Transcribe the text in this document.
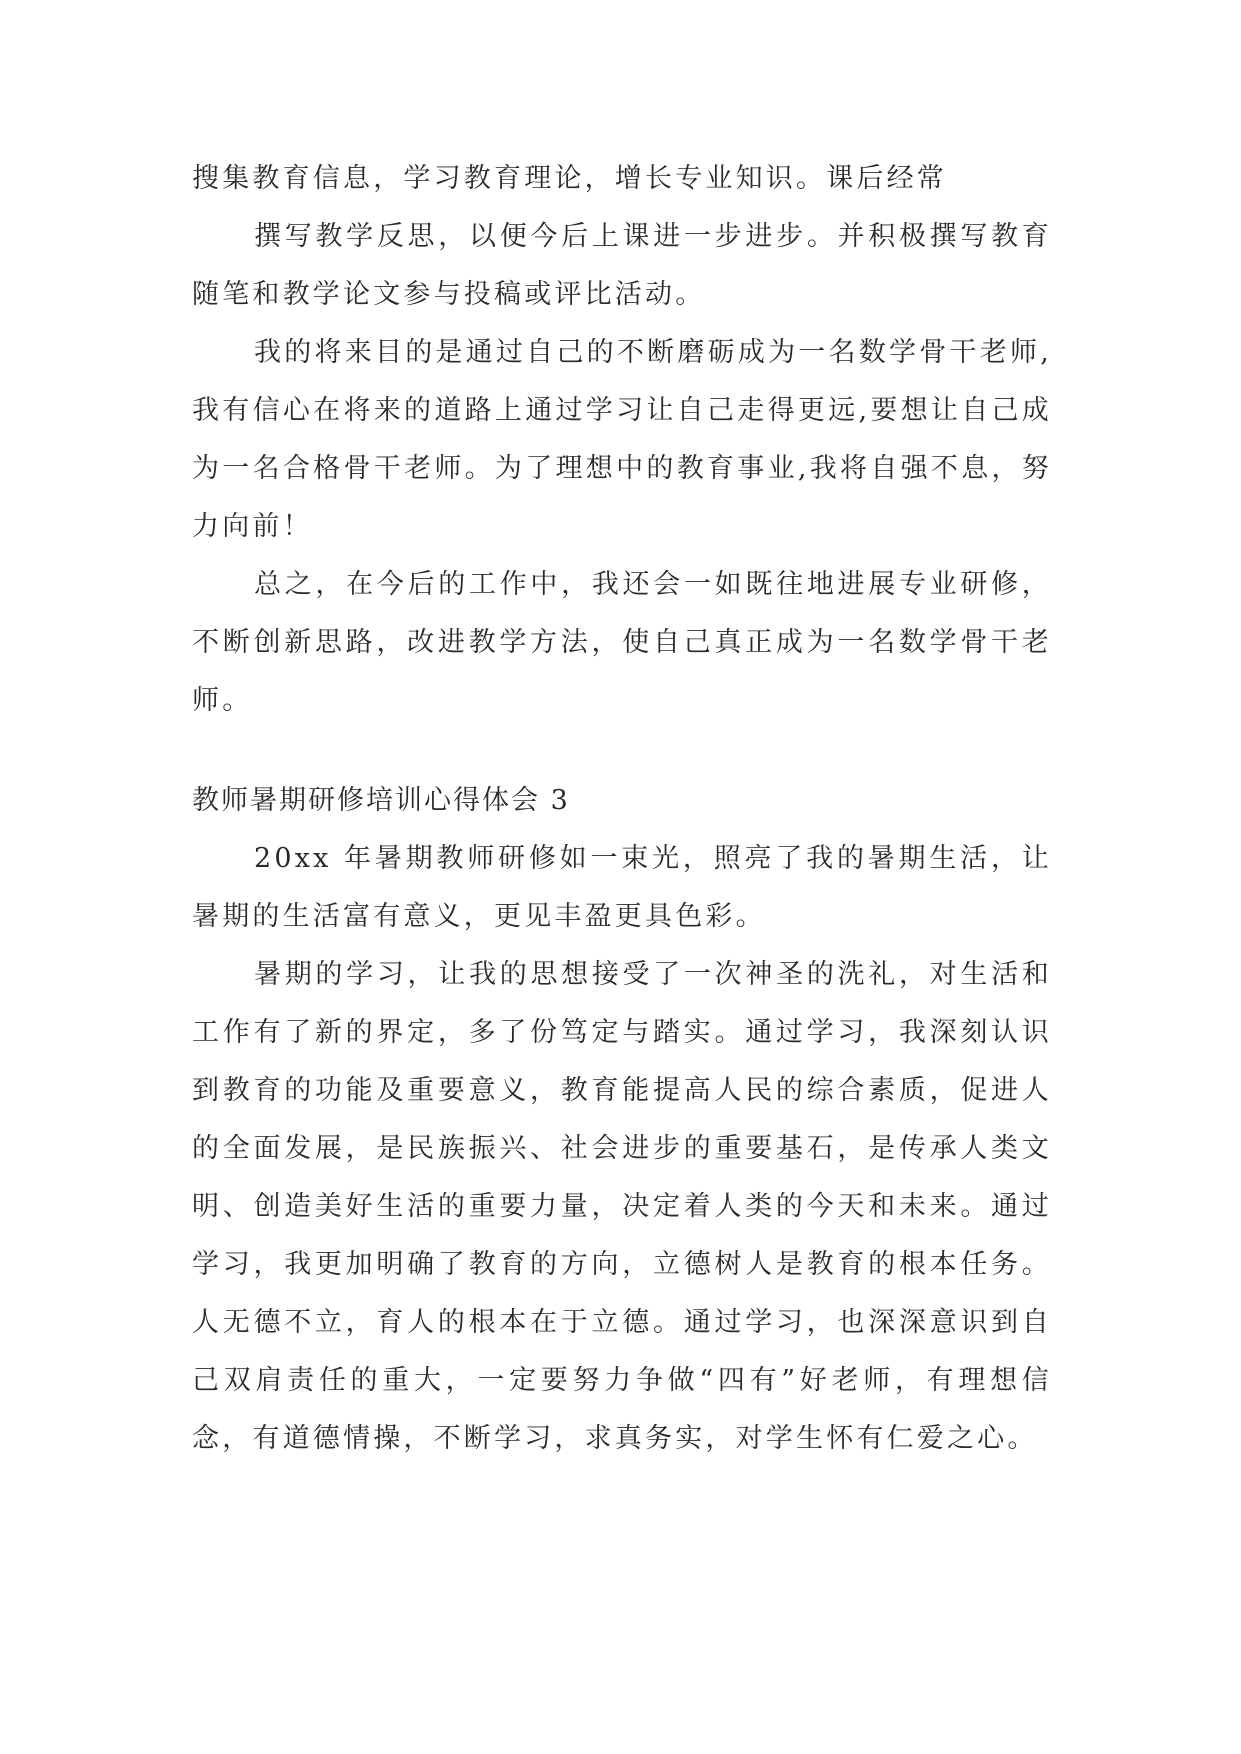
搜集教育信息，学习教育理论，增长专业知识。课后经常

撰写教学反思，以便今后上课进一步进步。并积极撰写教育随笔和教学论文参与投稿或评比活动。

我的将来目的是通过自己的不断磨砺成为一名数学骨干老师,我有信心在将来的道路上通过学习让自己走得更远,要想让自己成为一名合格骨干老师。为了理想中的教育事业,我将自强不息，努力向前！

总之，在今后的工作中，我还会一如既往地进展专业研修，不断创新思路，改进教学方法，使自己真正成为一名数学骨干老师。

教师暑期研修培训心得体会 3

20xx 年暑期教师研修如一束光，照亮了我的暑期生活，让暑期的生活富有意义，更见丰盈更具色彩。

暑期的学习，让我的思想接受了一次神圣的洗礼，对生活和工作有了新的界定，多了份笃定与踏实。通过学习，我深刻认识到教育的功能及重要意义，教育能提高人民的综合素质，促进人的全面发展，是民族振兴、社会进步的重要基石，是传承人类文明、创造美好生活的重要力量，决定着人类的今天和未来。通过学习，我更加明确了教育的方向，立德树人是教育的根本任务。人无德不立，育人的根本在于立德。通过学习，也深深意识到自己双肩责任的重大，一定要努力争做“四有”好老师，有理想信念，有道德情操，不断学习，求真务实，对学生怀有仁爱之心。
